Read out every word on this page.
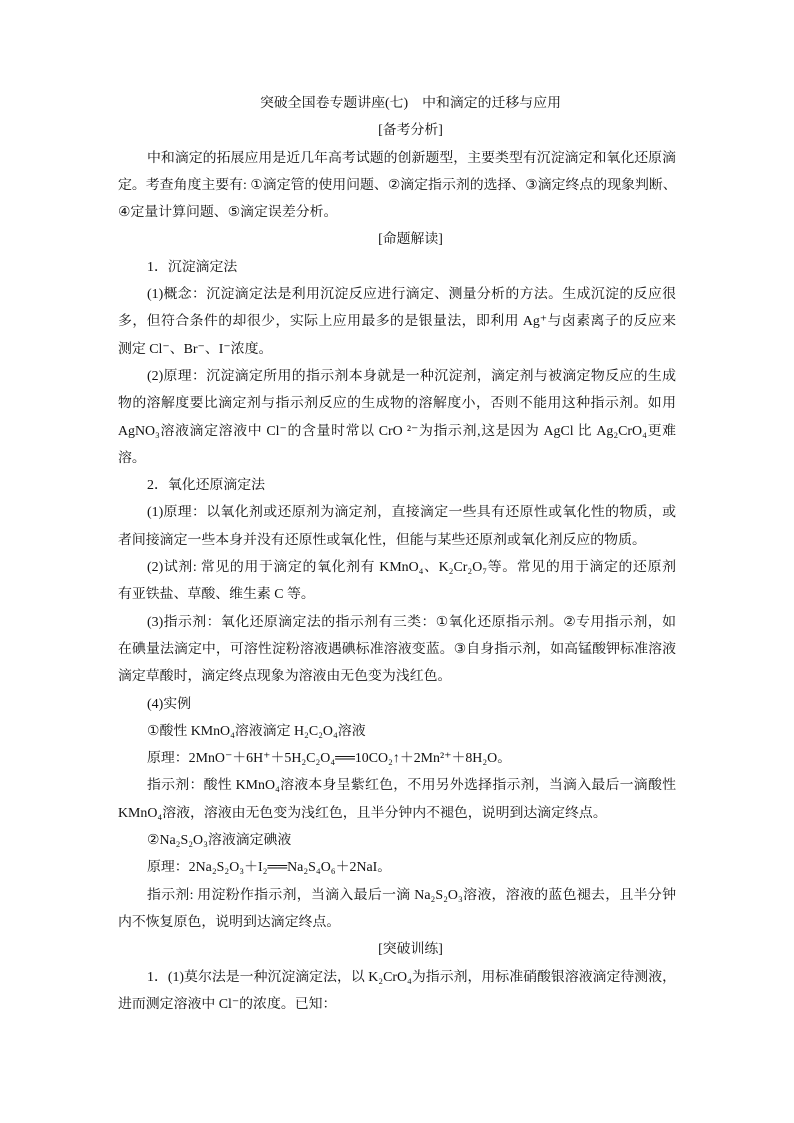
突破全国卷专题讲座(七)　中和滴定的迁移与应用
[备考分析]
中和滴定的拓展应用是近几年高考试题的创新题型，主要类型有沉淀滴定和氧化还原滴
定。考查角度主要有: ①滴定管的使用问题、②滴定指示剂的选择、③滴定终点的现象判断、
④定量计算问题、⑤滴定误差分析。
[命题解读]
1．沉淀滴定法
(1)概念：沉淀滴定法是利用沉淀反应进行滴定、测量分析的方法。生成沉淀的反应很
多，但符合条件的却很少，实际上应用最多的是银量法，即利用 Ag⁺与卤素离子的反应来
测定 Cl⁻、Br⁻、I⁻浓度。
(2)原理：沉淀滴定所用的指示剂本身就是一种沉淀剂，滴定剂与被滴定物反应的生成
物的溶解度要比滴定剂与指示剂反应的生成物的溶解度小，否则不能用这种指示剂。如用
AgNO₃溶液滴定溶液中 Cl⁻的含量时常以 CrO ²⁻为指示剂,这是因为 AgCl 比 Ag₂CrO₄更难
溶。
2．氧化还原滴定法
(1)原理：以氧化剂或还原剂为滴定剂，直接滴定一些具有还原性或氧化性的物质，或
者间接滴定一些本身并没有还原性或氧化性，但能与某些还原剂或氧化剂反应的物质。
(2)试剂: 常见的用于滴定的氧化剂有 KMnO₄、K₂Cr₂O₇等。常见的用于滴定的还原剂
有亚铁盐、草酸、维生素 C 等。
(3)指示剂：氧化还原滴定法的指示剂有三类：①氧化还原指示剂。②专用指示剂，如
在碘量法滴定中，可溶性淀粉溶液遇碘标准溶液变蓝。③自身指示剂，如高锰酸钾标准溶液
滴定草酸时，滴定终点现象为溶液由无色变为浅红色。
(4)实例
①酸性 KMnO₄溶液滴定 H₂C₂O₄溶液
原理：2MnO⁻＋6H⁺＋5H₂C₂O₄══10CO₂↑＋2Mn²⁺＋8H₂O。
指示剂：酸性 KMnO₄溶液本身呈紫红色，不用另外选择指示剂，当滴入最后一滴酸性
KMnO₄溶液，溶液由无色变为浅红色，且半分钟内不褪色，说明到达滴定终点。
②Na₂S₂O₃溶液滴定碘液
原理：2Na₂S₂O₃＋I₂══Na₂S₄O₆＋2NaI。
指示剂: 用淀粉作指示剂，当滴入最后一滴 Na₂S₂O₃溶液，溶液的蓝色褪去，且半分钟
内不恢复原色，说明到达滴定终点。
[突破训练]
1．(1)莫尔法是一种沉淀滴定法，以 K₂CrO₄为指示剂，用标准硝酸银溶液滴定待测液，
进而测定溶液中 Cl⁻的浓度。已知：
